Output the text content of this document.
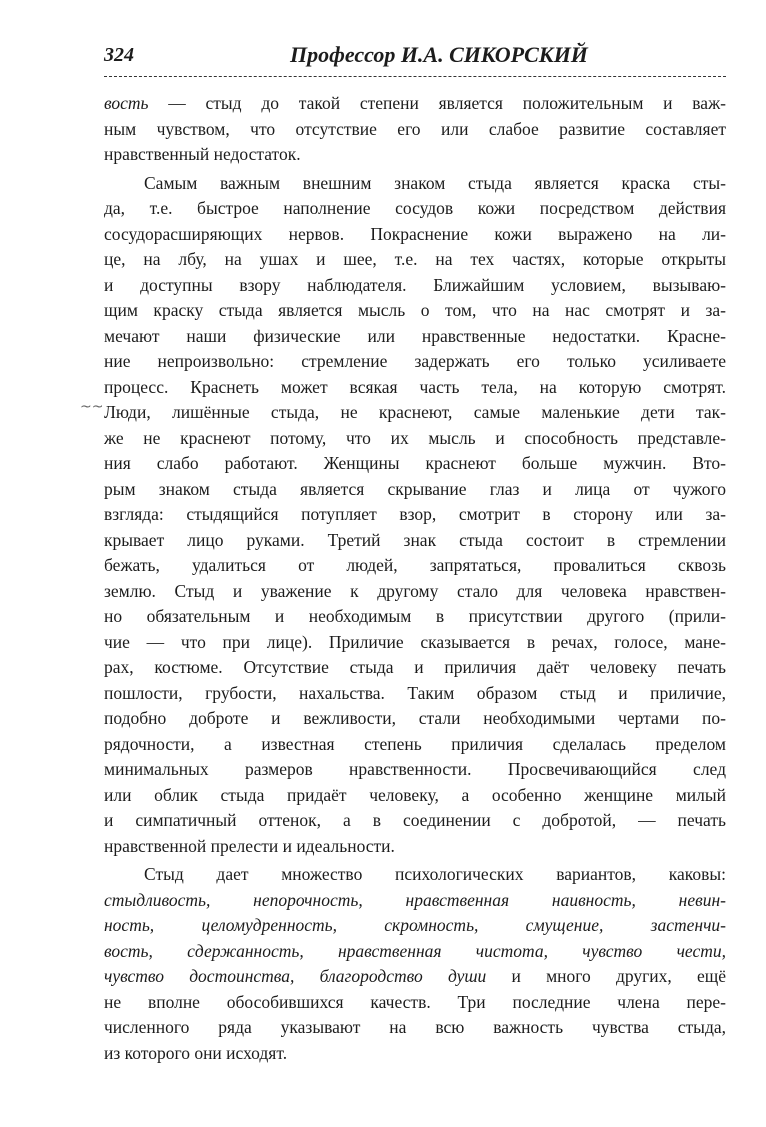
324	Профессор И.А. СИКОРСКИЙ
вость — стыд до такой степени является положительным и важ-
ным чувством, что отсутствие его или слабое развитие составляет
нравственный недостаток.
Самым важным внешним знаком стыда является краска сты-
да, т.е. быстрое наполнение сосудов кожи посредством действия
сосудорасширяющих нервов. Покраснение кожи выражено на ли-
це, на лбу, на ушах и шее, т.е. на тех частях, которые открыты
и доступны взору наблюдателя. Ближайшим условием, вызываю-
щим краску стыда является мысль о том, что на нас смотрят и за-
мечают наши физические или нравственные недостатки. Красне-
ние непроизвольно: стремление задержать его только усиливаете
процесс. Краснеть может всякая часть тела, на которую смотрят.
Люди, лишённые стыда, не краснеют, самые маленькие дети так-
же не краснеют потому, что их мысль и способность представле-
ния слабо работают. Женщины краснеют больше мужчин. Вто-
рым знаком стыда является скрывание глаз и лица от чужого
взгляда: стыдящийся потупляет взор, смотрит в сторону или за-
крывает лицо руками. Третий знак стыда состоит в стремлении
бежать, удалиться от людей, запрятаться, провалиться сквозь
землю. Стыд и уважение к другому стало для человека нравствен-
но обязательным и необходимым в присутствии другого (прили-
чие — что при лице). Приличие сказывается в речах, голосе, мане-
рах, костюме. Отсутствие стыда и приличия даёт человеку печать
пошлости, грубости, нахальства. Таким образом стыд и приличие,
подобно доброте и вежливости, стали необходимыми чертами по-
рядочности, а известная степень приличия сделалась пределом
минимальных размеров нравственности. Просвечивающийся след
или облик стыда придаёт человеку, а особенно женщине милый
и симпатичный оттенок, а в соединении с добротой, — печать
нравственной прелести и идеальности.
Стыд дает множество психологических вариантов, каковы:
стыдливость, непорочность, нравственная наивность, невин-
ность, целомудренность, скромность, смущение, застенчи-
вость, сдержанность, нравственная чистота, чувство чести,
чувство достоинства, благородство души и много других, ещё
не вполне обособившихся качеств. Три последние члена пере-
численного ряда указывают на всю важность чувства стыда,
из которого они исходят.
~~
